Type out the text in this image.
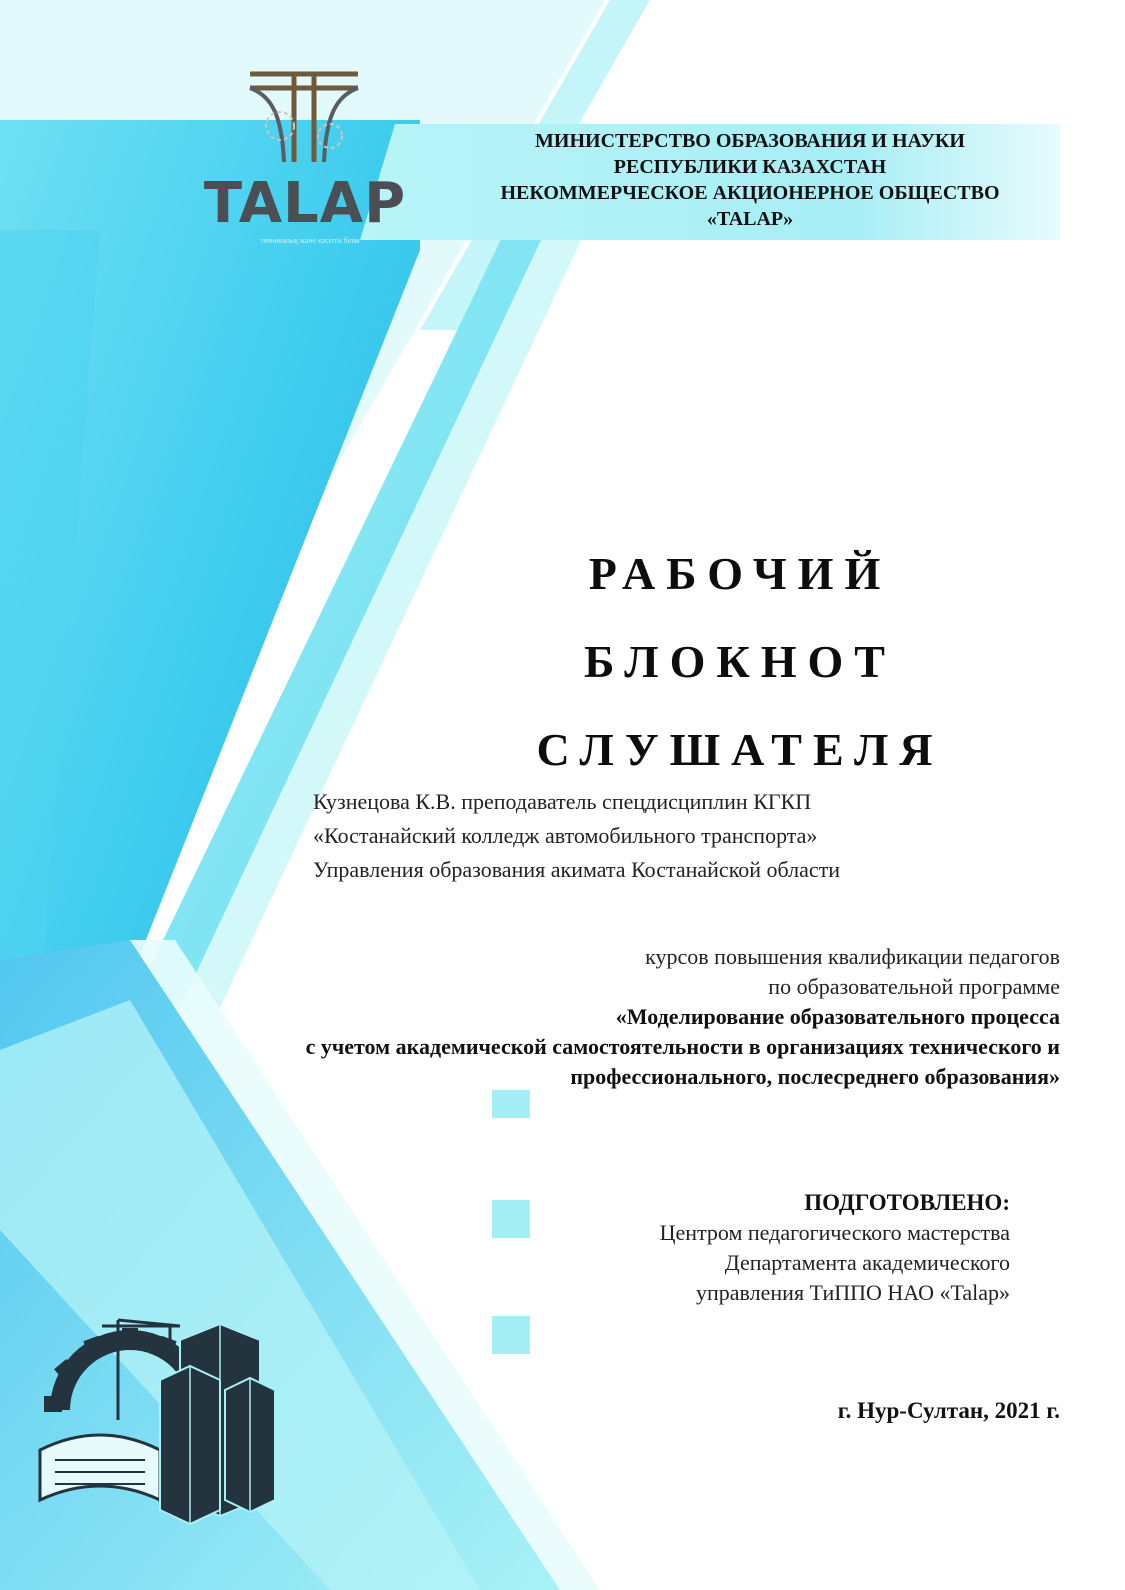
TALAP
техникалық және кәсіптік білім
МИНИСТЕРСТВО ОБРАЗОВАНИЯ И НАУКИ
РЕСПУБЛИКИ КАЗАХСТАН
НЕКОММЕРЧЕСКОЕ АКЦИОНЕРНОЕ ОБЩЕСТВО
«TALAP»
РАБОЧИЙ
БЛОКНОТ
СЛУШАТЕЛЯ
Кузнецова К.В. преподаватель спецдисциплин КГКП
«Костанайский колледж автомобильного транспорта»
Управления образования акимата Костанайской области
курсов повышения квалификации педагогов
по образовательной программе
«Моделирование образовательного процесса
с учетом академической самостоятельности в организациях технического и
профессионального, послесреднего образования»
ПОДГОТОВЛЕНО:
Центром педагогического мастерства
Департамента академического
управления ТиППО НАО «Talap»
г. Нур-Султан, 2021 г.
